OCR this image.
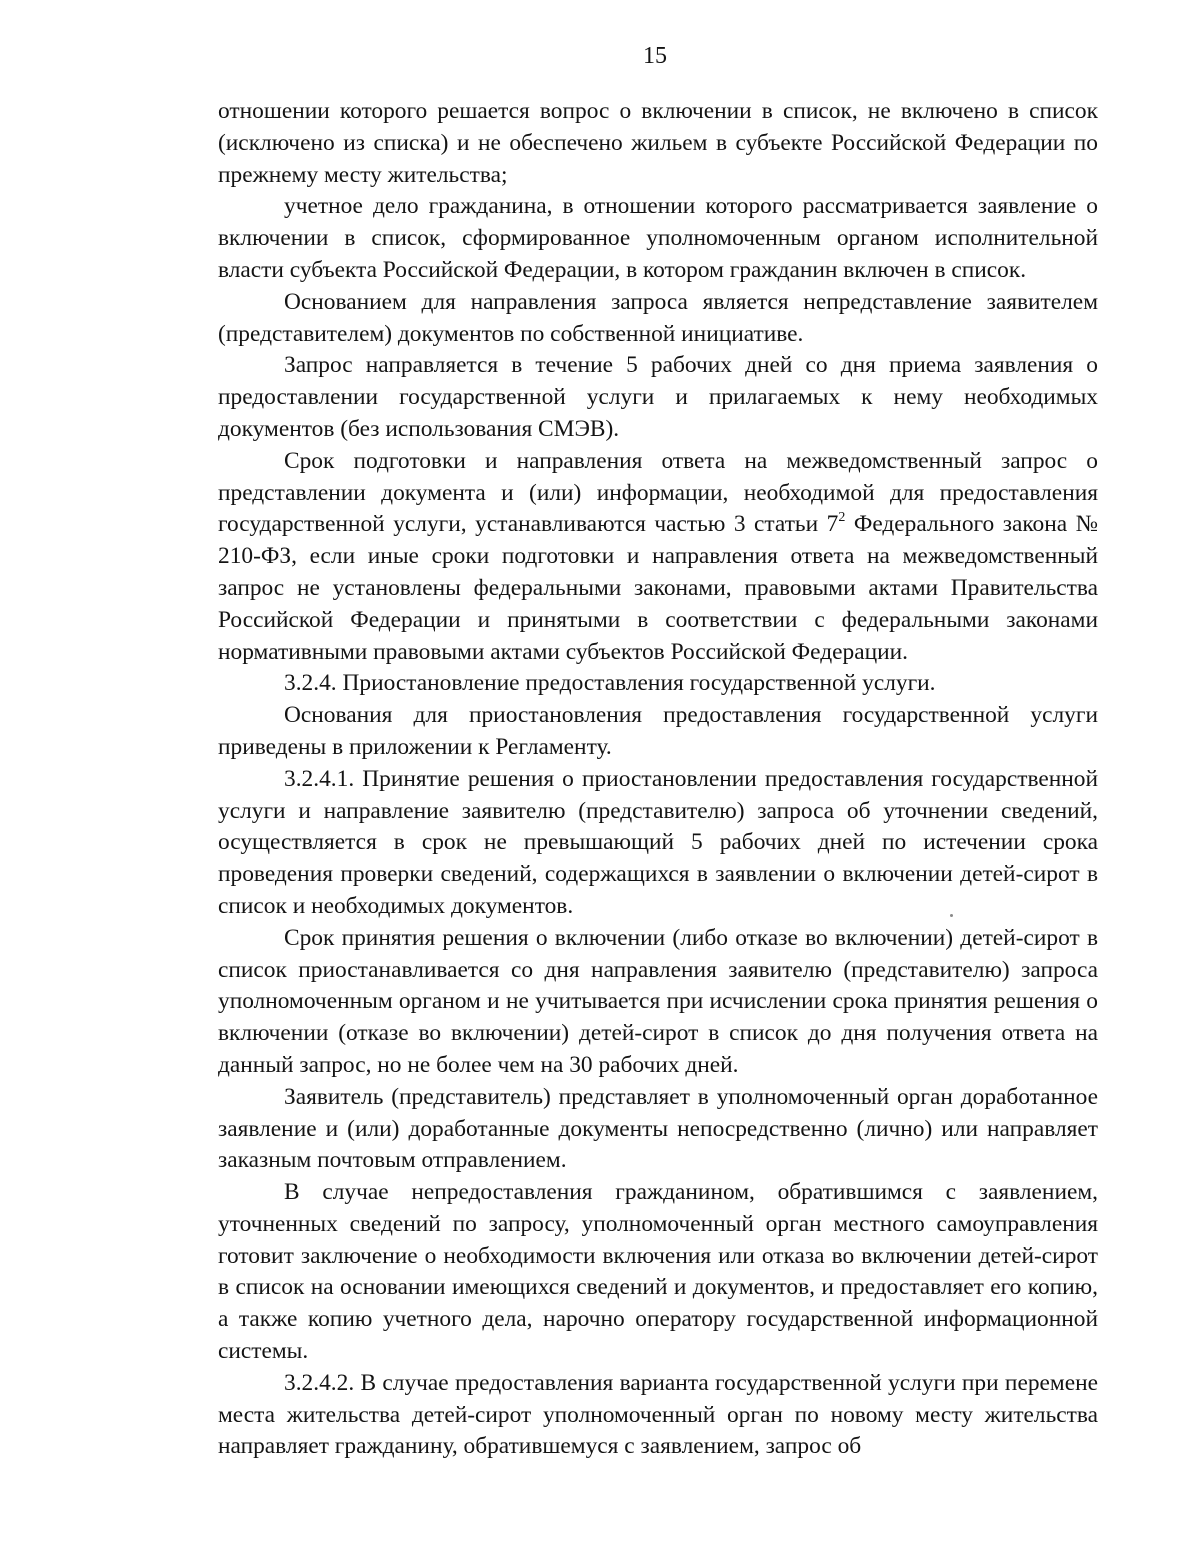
15

отношении которого решается вопрос о включении в список, не включено в список (исключено из списка) и не обеспечено жильем в субъекте Российской Федерации по прежнему месту жительства;

учетное дело гражданина, в отношении которого рассматривается заявление о включении в список, сформированное уполномоченным органом исполнительной власти субъекта Российской Федерации, в котором гражданин включен в список.

Основанием для направления запроса является непредставление заявителем (представителем) документов по собственной инициативе.

Запрос направляется в течение 5 рабочих дней со дня приема заявления о предоставлении государственной услуги и прилагаемых к нему необходимых документов (без использования СМЭВ).

Срок подготовки и направления ответа на межведомственный запрос о представлении документа и (или) информации, необходимой для предоставления государственной услуги, устанавливаются частью 3 статьи $7^2$ Федерального закона № 210-ФЗ, если иные сроки подготовки и направления ответа на межведомственный запрос не установлены федеральными законами, правовыми актами Правительства Российской Федерации и принятыми в соответствии с федеральными законами нормативными правовыми актами субъектов Российской Федерации.

3.2.4. Приостановление предоставления государственной услуги.

Основания для приостановления предоставления государственной услуги приведены в приложении к Регламенту.

3.2.4.1. Принятие решения о приостановлении предоставления государственной услуги и направление заявителю (представителю) запроса об уточнении сведений, осуществляется в срок не превышающий 5 рабочих дней по истечении срока проведения проверки сведений, содержащихся в заявлении о включении детей-сирот в список и необходимых документов.

Срок принятия решения о включении (либо отказе во включении) детей-сирот в список приостанавливается со дня направления заявителю (представителю) запроса уполномоченным органом и не учитывается при исчислении срока принятия решения о включении (отказе во включении) детей-сирот в список до дня получения ответа на данный запрос, но не более чем на 30 рабочих дней.

Заявитель (представитель) представляет в уполномоченный орган доработанное заявление и (или) доработанные документы непосредственно (лично) или направляет заказным почтовым отправлением.

В случае непредоставления гражданином, обратившимся с заявлением, уточненных сведений по запросу, уполномоченный орган местного самоуправления готовит заключение о необходимости включения или отказа во включении детей-сирот в список на основании имеющихся сведений и документов, и предоставляет его копию, а также копию учетного дела, нарочно оператору государственной информационной системы.

3.2.4.2. В случае предоставления варианта государственной услуги при перемене места жительства детей-сирот уполномоченный орган по новому месту жительства направляет гражданину, обратившемуся с заявлением, запрос об
